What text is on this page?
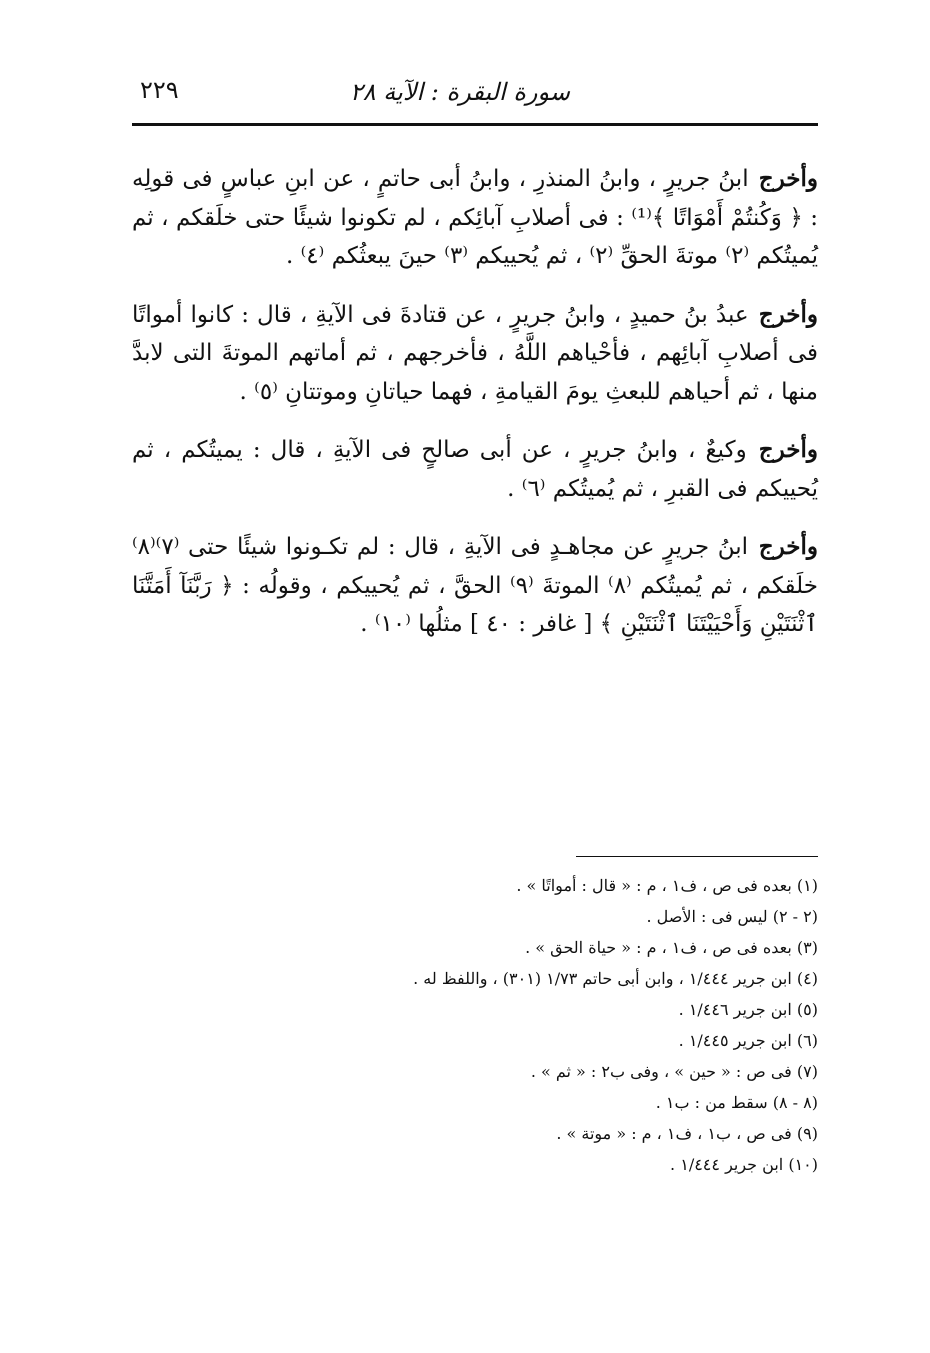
سورة البقرة : الآية ٢٨
٢٢٩

وأخرج ابنُ جريرٍ ، وابنُ المنذرِ ، وابنُ أبى حاتمٍ ، عن ابنِ عباسٍ فى قولِه : ﴿ وَكُنتُمْ أَمْوَاتًا ﴾⁽¹⁾ : فى أصلابِ آبائِكم ، لم تكونوا شيئًا حتى خلَقكم ، ثم يُميتُكم ⁽٢⁾ موتةَ الحقِّ ⁽٢⁾ ، ثم يُحييكم ⁽٣⁾ حينَ يبعثُكم ⁽٤⁾ .

وأخرج عبدُ بنُ حميدٍ ، وابنُ جريرٍ ، عن قتادةَ فى الآيةِ ، قال : كانوا أمواتًا فى أصلابِ آبائِهم ، فأحْياهم اللَّهُ ، فأخرجهم ، ثم أماتهم الموتةَ التى لابدَّ منها ، ثم أحياهم للبعثِ يومَ القيامةِ ، فهما حياتانِ وموتتانِ ⁽٥⁾ .

وأخرج وكيعٌ ، وابنُ جريرٍ ، عن أبى صالحٍ فى الآيةِ ، قال : يميتُكم ، ثم يُحييكم فى القبرِ ، ثم يُميتُكم ⁽٦⁾ .

وأخرج ابنُ جريرٍ عن مجاهـدٍ فى الآيةِ ، قال : لم تكـونوا شيئًا حتى ⁽٧⁾⁽٨⁾ خلَقكم ، ثم يُميتُكم ⁽٨⁾ الموتةَ ⁽٩⁾ الحقَّ ، ثم يُحييكم ، وقولُه : ﴿ رَبَّنَآ أَمَتَّنَا ٱثْنَتَيْنِ وَأَحْيَيْتَنَا ٱثْنَتَيْنِ ﴾ [ غافر : ٤٠ ] مثلُها ⁽١٠⁾ .

(١) بعده فى ص ، ف١ ، م : « قال : أمواتًا » .
(٢ - ٢) ليس فى : الأصل .
(٣) بعده فى ص ، ف١ ، م : « حياة الحق » .
(٤) ابن جرير ١/٤٤٤ ، وابن أبى حاتم ١/٧٣ (٣٠١) ، واللفظ له .
(٥) ابن جرير ١/٤٤٦ .
(٦) ابن جرير ١/٤٤٥ .
(٧) فى ص : « حين » ، وفى ب٢ : « ثم » .
(٨ - ٨) سقط من : ب١ .
(٩) فى ص ، ب١ ، ف١ ، م : « موتة » .
(١٠) ابن جرير ١/٤٤٤ .
